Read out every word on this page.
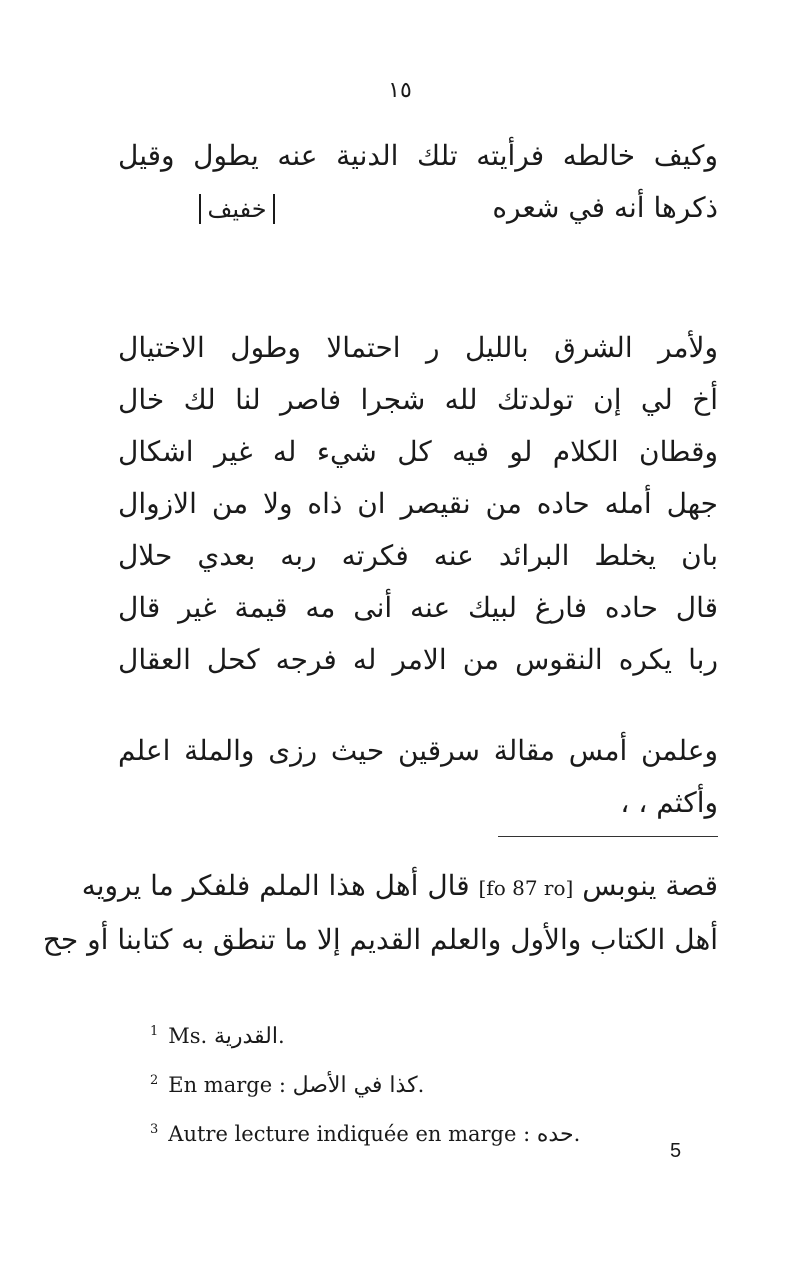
١٥
وكيف خالطه فرأيته تلك الدنية عنه يطول وقيل
ذكرها أنه في شعره  خفيف
ولأمر الشرق بالليل ر احتمالا وطول الاختيال
أخ لي إن تولدتك لله شجرا فاصر لنا لك خال
وقطان الكلام لو فيه كل شيء له غير اشكال
جهل أمله حاده من نقيصر ان ذاه ولا من الازوال
بان يخلط البرائد عنه فكرته ربه بعدي حلال
قال حاده فارغ لبيك عنه أنى مه قيمة غير قال
ربا يكره النقوس من الامر له فرجه كحل العقال
وعلمن أمس مقالة سرقين حيث رزى والملة اعلم
وأكثم ، ،
قصة ينوبس [fo 87 ro] قال أهل هذا الملم فلفكر ما يرويه
أهل الكتاب والأول والعلم القديم إلا ما تنطق به كتابنا أو جح
$^1$ Ms. القدرية.
$^2$ En marge : كذا في الأصل.
$^3$ Autre lecture indiquée en marge : حده.
5
